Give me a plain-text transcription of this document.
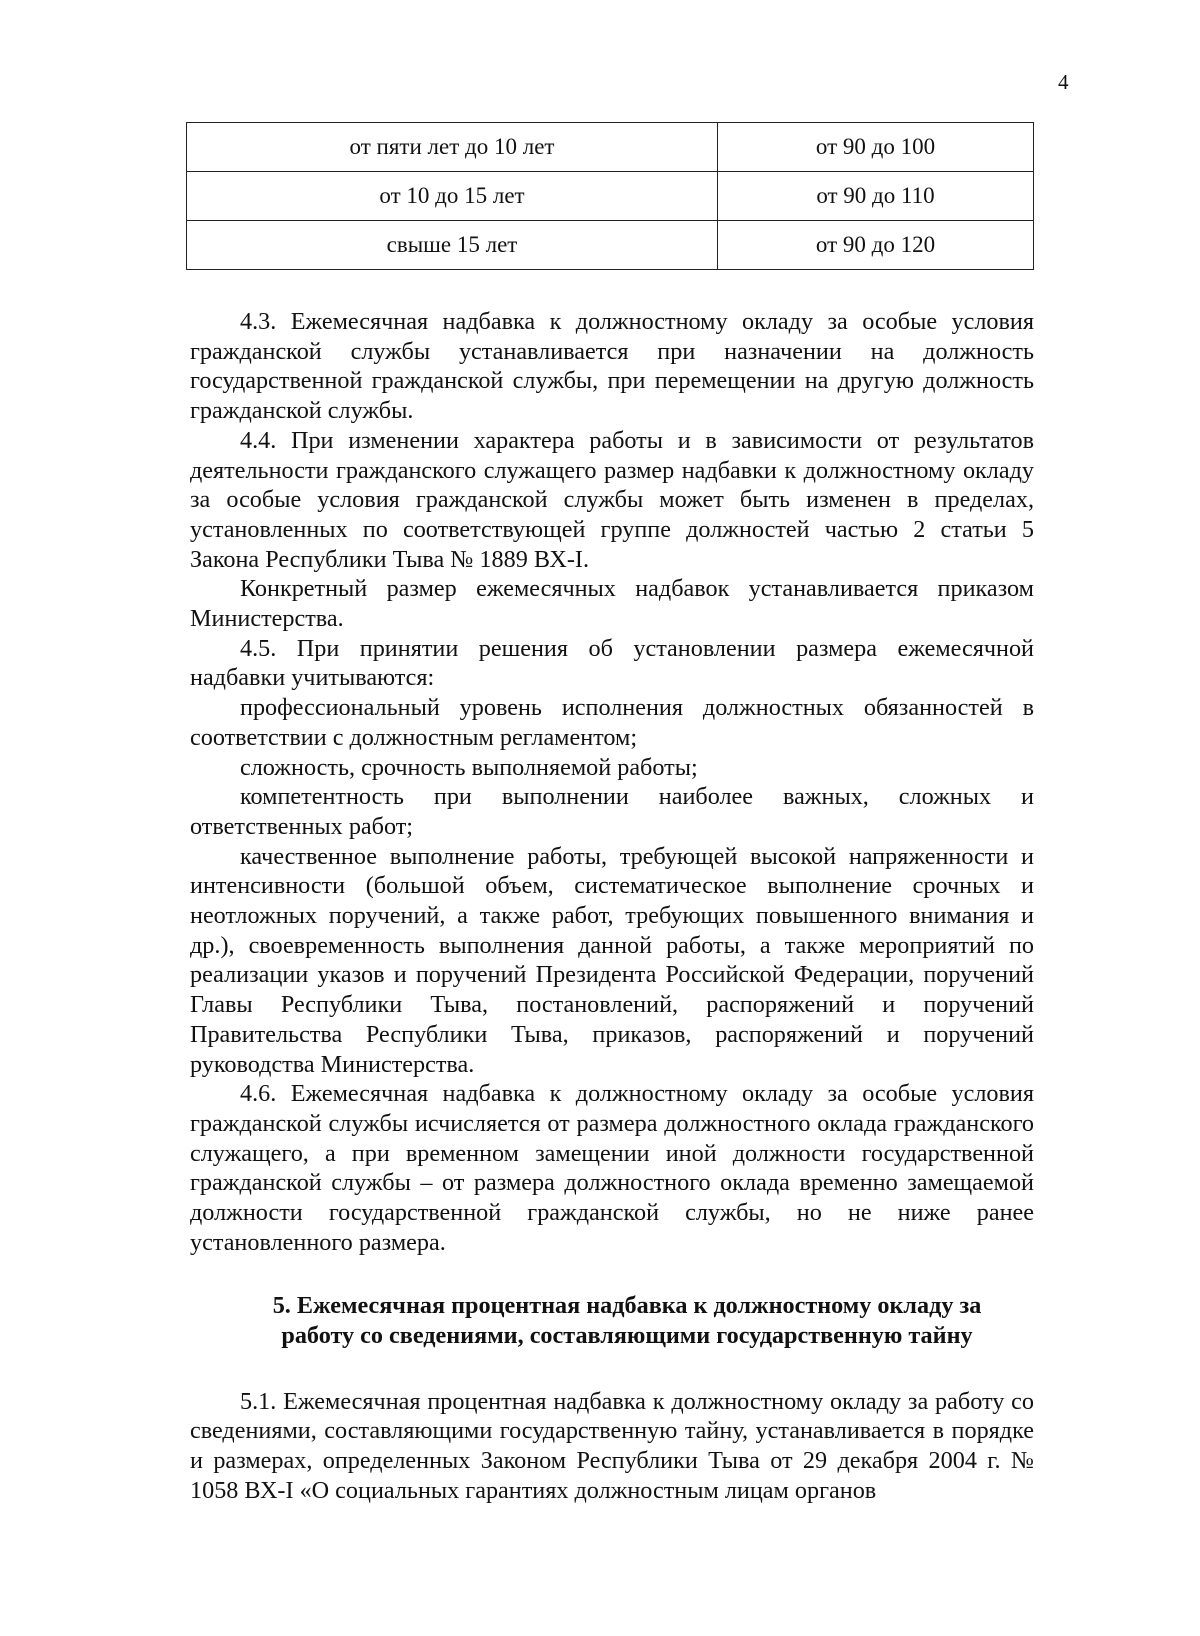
4
от пяти лет до 10 лет	от 90 до 100
от 10 до 15 лет	от 90 до 110
свыше 15 лет	от 90 до 120

4.3. Ежемесячная надбавка к должностному окладу за особые условия гражданской службы устанавливается при назначении на должность государственной гражданской службы, при перемещении на другую должность гражданской службы.

4.4. При изменении характера работы и в зависимости от результатов деятельности гражданского служащего размер надбавки к должностному окладу за особые условия гражданской службы может быть изменен в пределах, установленных по соответствующей группе должностей частью 2 статьи 5 Закона Республики Тыва № 1889 ВХ-I.

Конкретный размер ежемесячных надбавок устанавливается приказом Министерства.

4.5. При принятии решения об установлении размера ежемесячной надбавки учитываются:

профессиональный уровень исполнения должностных обязанностей в соответствии с должностным регламентом;

сложность, срочность выполняемой работы;

компетентность при выполнении наиболее важных, сложных и ответственных работ;

качественное выполнение работы, требующей высокой напряженности и интенсивности (большой объем, систематическое выполнение срочных и неотложных поручений, а также работ, требующих повышенного внимания и др.), своевременность выполнения данной работы, а также мероприятий по реализации указов и поручений Президента Российской Федерации, поручений Главы Республики Тыва, постановлений, распоряжений и поручений Правительства Республики Тыва, приказов, распоряжений и поручений руководства Министерства.

4.6. Ежемесячная надбавка к должностному окладу за особые условия гражданской службы исчисляется от размера должностного оклада гражданского служащего, а при временном замещении иной должности государственной гражданской службы – от размера должностного оклада временно замещаемой должности государственной гражданской службы, но не ниже ранее установленного размера.

5. Ежемесячная процентная надбавка к должностному окладу за
работу со сведениями, составляющими государственную тайну

5.1. Ежемесячная процентная надбавка к должностному окладу за работу со сведениями, составляющими государственную тайну, устанавливается в порядке и размерах, определенных Законом Республики Тыва от 29 декабря 2004 г. № 1058 ВХ-I «О социальных гарантиях должностным лицам органов
